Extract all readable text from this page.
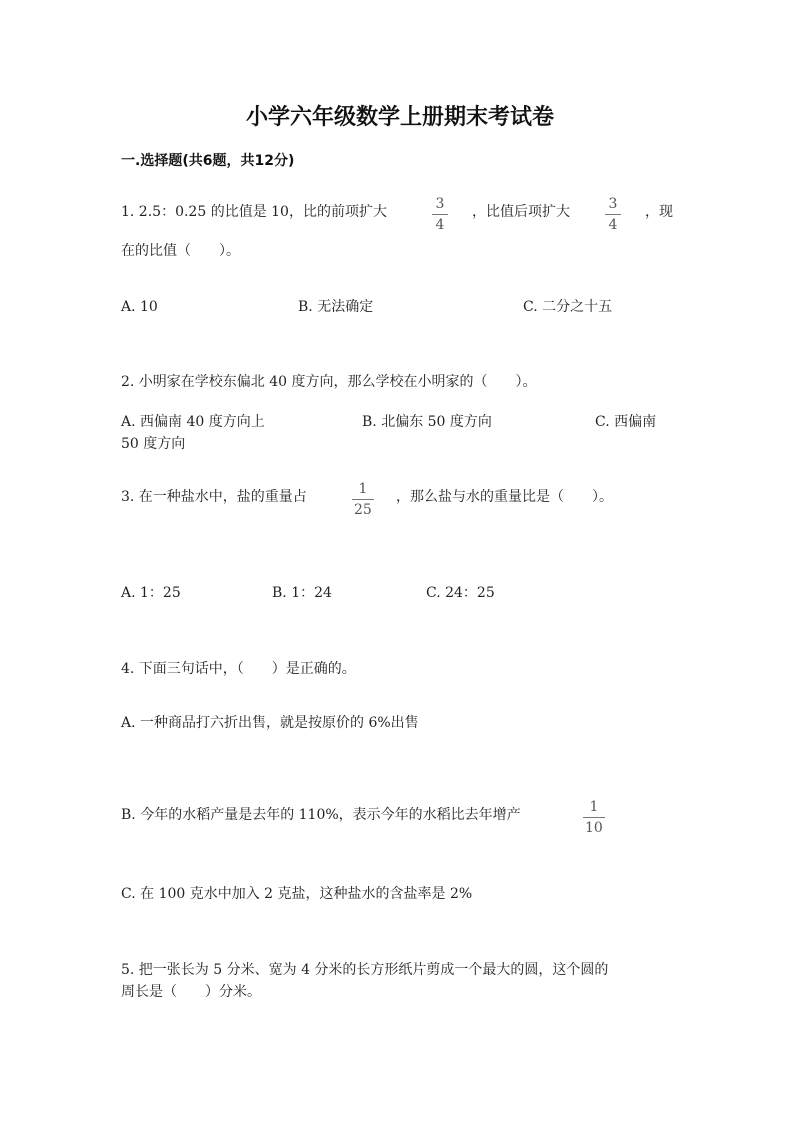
小学六年级数学上册期末考试卷
一.选择题(共6题，共12分)
1. 2.5：0.25 的比值是 10，比的前项扩大	3
4
，比值后项扩大	3
4
，现
在的比值（　　）。
A. 10	B. 无法确定	C. 二分之十五
2. 小明家在学校东偏北 40 度方向，那么学校在小明家的（　　）。
A. 西偏南 40 度方向上	B. 北偏东 50 度方向	C. 西偏南
50 度方向
3. 在一种盐水中，盐的重量占	1
25
，那么盐与水的重量比是（　　）。
A. 1：25	B. 1：24	C. 24：25
4. 下面三句话中，（　　）是正确的。
A. 一种商品打六折出售，就是按原价的 6%出售
B. 今年的水稻产量是去年的 110%，表示今年的水稻比去年增产	1
10
C. 在 100 克水中加入 2 克盐，这种盐水的含盐率是 2%
5. 把一张长为 5 分米、宽为 4 分米的长方形纸片剪成一个最大的圆，这个圆的
周长是（　　）分米。
